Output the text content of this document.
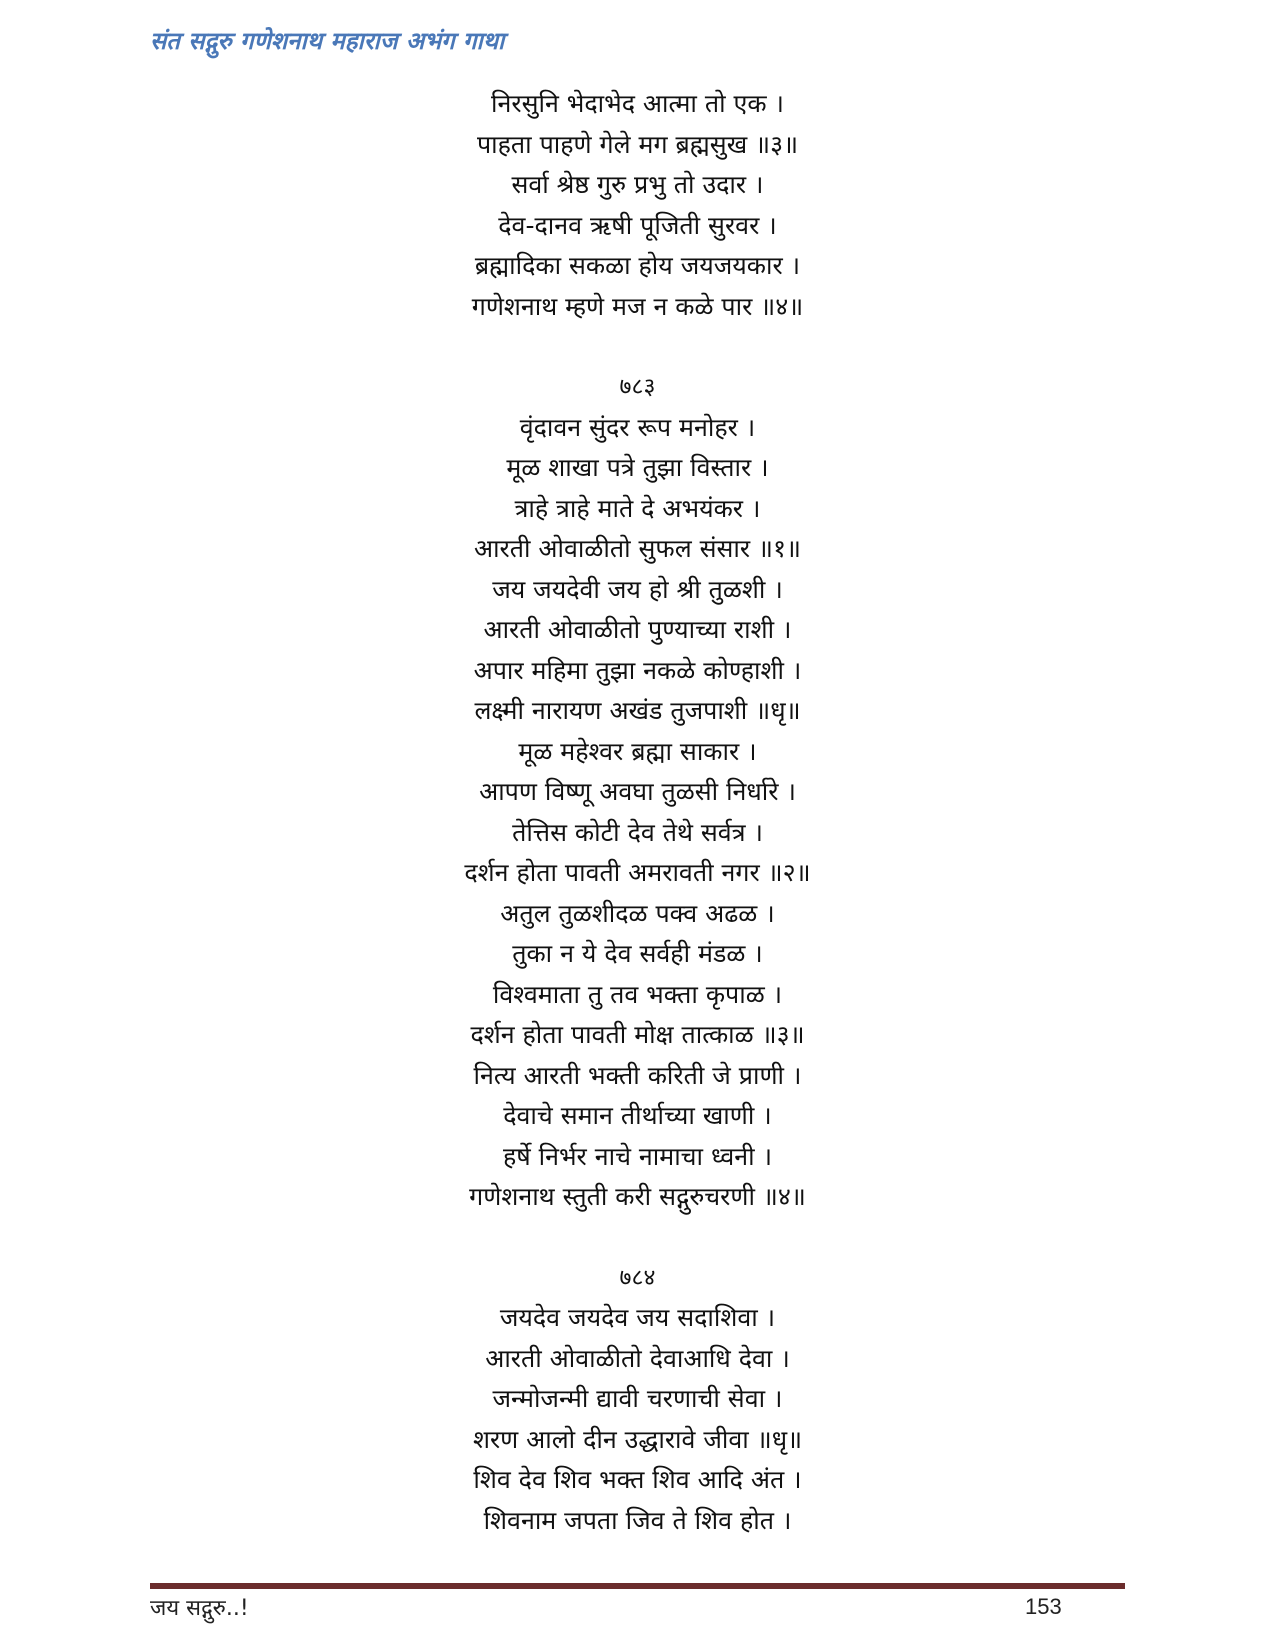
संत सद्गुरु गणेशनाथ महाराज अभंग गाथा
निरसुनि भेदाभेद आत्मा तो एक ।
पाहता पाहणे गेले मग ब्रह्मसुख ॥३॥
सर्वा श्रेष्ठ गुरु प्रभु तो उदार ।
देव-दानव ऋषी पूजिती सुरवर ।
ब्रह्मादिका सकळा होय जयजयकार ।
गणेशनाथ म्हणे मज न कळे पार ॥४॥
७८३
वृंदावन सुंदर रूप मनोहर ।
मूळ शाखा पत्रे तुझा विस्तार ।
त्राहे त्राहे माते दे अभयंकर ।
आरती ओवाळीतो सुफल संसार ॥१॥
जय जयदेवी जय हो श्री तुळशी ।
आरती ओवाळीतो पुण्याच्या राशी ।
अपार महिमा तुझा नकळे कोण्हाशी ।
लक्ष्मी नारायण अखंड तुजपाशी ॥धृ॥
मूळ महेश्वर ब्रह्मा साकार ।
आपण विष्णू अवघा तुळसी निर्धारे ।
तेत्तिस कोटी देव तेथे सर्वत्र ।
दर्शन होता पावती अमरावती नगर ॥२॥
अतुल तुळशीदळ पक्व अढळ ।
तुका न ये देव सर्वही मंडळ ।
विश्वमाता तु तव भक्ता कृपाळ ।
दर्शन होता पावती मोक्ष तात्काळ ॥३॥
नित्य आरती भक्ती करिती जे प्राणी ।
देवाचे समान तीर्थाच्या खाणी ।
हर्षे निर्भर नाचे नामाचा ध्वनी ।
गणेशनाथ स्तुती करी सद्गुरुचरणी ॥४॥
७८४
जयदेव जयदेव जय सदाशिवा ।
आरती ओवाळीतो देवाआधि देवा ।
जन्मोजन्मी द्यावी चरणाची सेवा ।
शरण आलो दीन उद्धारावे जीवा ॥धृ॥
शिव देव शिव भक्त शिव आदि अंत ।
शिवनाम जपता जिव ते शिव होत ।
जय सद्गुरु..!	153
